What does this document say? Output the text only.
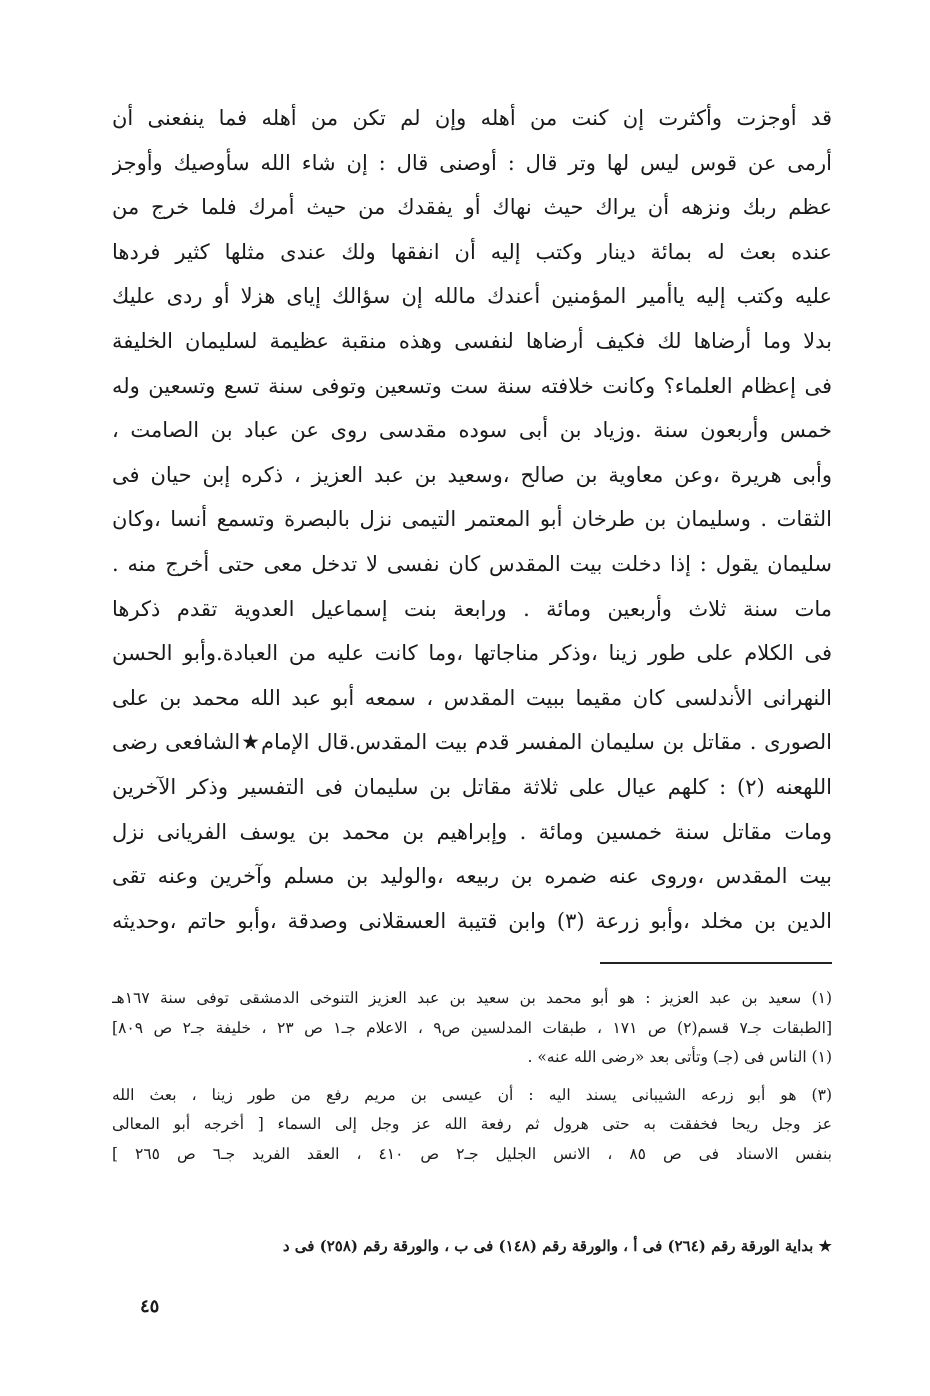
قد أوجزت وأكثرت إن كنت من أهله وإن لم تكن من أهله فما ينفعنى أن
أرمى عن قوس ليس لها وتر قال : أوصنى قال : إن شاء الله سأوصيك وأوجز
عظم ربك ونزهه أن يراك حيث نهاك أو يفقدك من حيث أمرك فلما خرج من
عنده بعث له بمائة دينار وكتب إليه أن انفقها ولك عندى مثلها كثير فردها
عليه وكتب إليه ياأمير المؤمنين أعندك مالله إن سؤالك إياى هزلا أو ردى عليك
بدلا وما أرضاها لك فكيف أرضاها لنفسى وهذه منقبة عظيمة لسليمان الخليفة
فى إعظام العلماء؟ وكانت خلافته سنة ست وتسعين وتوفى سنة تسع وتسعين وله
خمس وأربعون سنة .وزياد بن أبى سوده مقدسى روى عن عباد بن الصامت ،
وأبى هريرة ،وعن معاوية بن صالح ،وسعيد بن عبد العزيز ، ذكره إبن حيان فى
الثقات . وسليمان بن طرخان أبو المعتمر التيمى نزل بالبصرة وتسمع أنسا ،وكان
سليمان يقول : إذا دخلت بيت المقدس كان نفسى لا تدخل معى حتى أخرج منه .
مات سنة ثلاث وأربعين ومائة . ورابعة بنت إسماعيل العدوية تقدم ذكرها
فى الكلام على طور زينا ،وذكر مناجاتها ،وما كانت عليه من العبادة.وأبو الحسن
النهرانى الأندلسى كان مقيما ببيت المقدس ، سمعه أبو عبد الله محمد بن على
الصورى . مقاتل بن سليمان المفسر قدم بيت المقدس.قال الإمام★الشافعى رضى
اللهعنه (٢) : كلهم عيال على ثلاثة مقاتل بن سليمان فى التفسير وذكر الآخرين
ومات مقاتل سنة خمسين ومائة . وإبراهيم بن محمد بن يوسف الفريانى نزل
بيت المقدس ،وروى عنه ضمره بن ربيعه ،والوليد بن مسلم وآخرين وعنه تقى
الدين بن مخلد ،وأبو زرعة (٣) وابن قتيبة العسقلانى وصدقة ،وأبو حاتم ،وحديثه
(١) سعيد بن عبد العزيز : هو أبو محمد بن سعيد بن عبد العزيز التنوخى الدمشقى توفى سنة ١٦٧هـ
[الطبقات جـ٧ قسم(٢) ص ١٧١ ، طبقات المدلسين ص٩ ، الاعلام جـ١ ص ٢٣ ، خليفة جـ٢ ص ٨٠٩]
(١) الناس فى (جـ) وتأتى بعد «رضى الله عنه» .
(٣) هو أبو زرعه الشيبانى يسند اليه : أن عيسى بن مريم رفع من طور زينا ، بعث الله
عز وجل ريحا فخفقت به حتى هرول ثم رفعة الله عز وجل إلى السماء [ أخرجه أبو المعالى
بنفس الاسناد فى ص ٨٥ ، الانس الجليل جـ٢ ص ٤١٠ ، العقد الفريد جـ٦ ص ٢٦٥ ]
★ بداية الورقة رقم (٢٦٤) فى أ ، والورقة رقم (١٤٨) فى ب ، والورقة رقم (٢٥٨) فى د
٤٥
